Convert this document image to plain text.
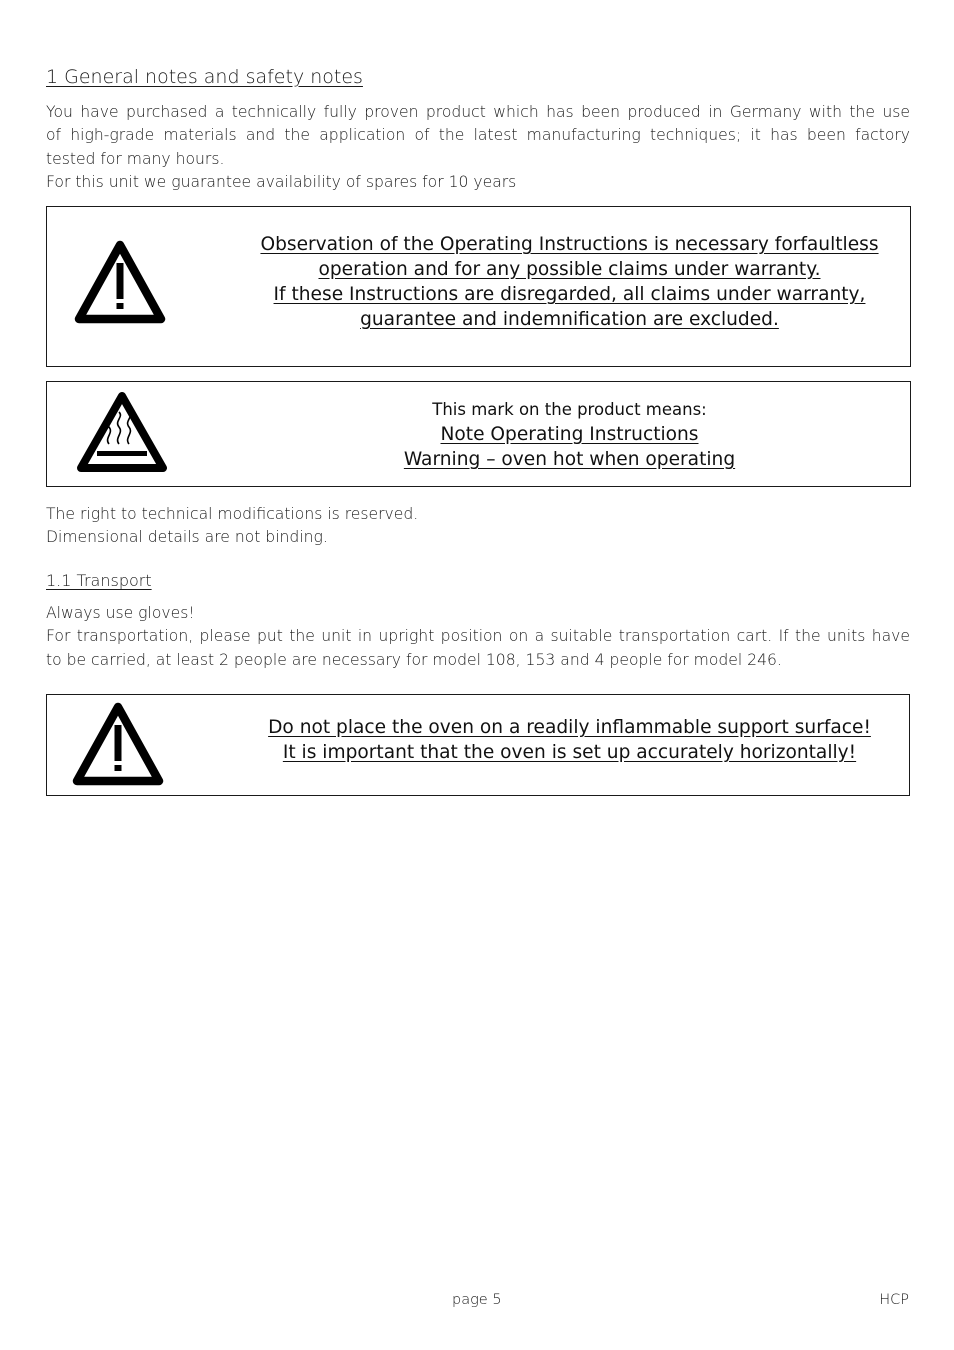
1 General notes and safety notes
You have purchased a technically fully proven product which has been produced in Germany with the use
of high-grade materials and the application of the latest manufacturing techniques; it has been factory
tested for many hours.
For this unit we guarantee availability of spares for 10 years
Observation of the Operating Instructions is necessary forfaultless
operation and for any possible claims under warranty.
If these Instructions are disregarded, all claims under warranty,
guarantee and indemnification are excluded.
This mark on the product means:
Note Operating Instructions
Warning – oven hot when operating
The right to technical modifications is reserved.
Dimensional details are not binding.
1.1 Transport
Always use gloves!
For transportation, please put the unit in upright position on a suitable transportation cart. If the units have
to be carried, at least 2 people are necessary for model 108, 153 and 4 people for model 246.
Do not place the oven on a readily inflammable support surface!
It is important that the oven is set up accurately horizontally!
page 5	HCP
